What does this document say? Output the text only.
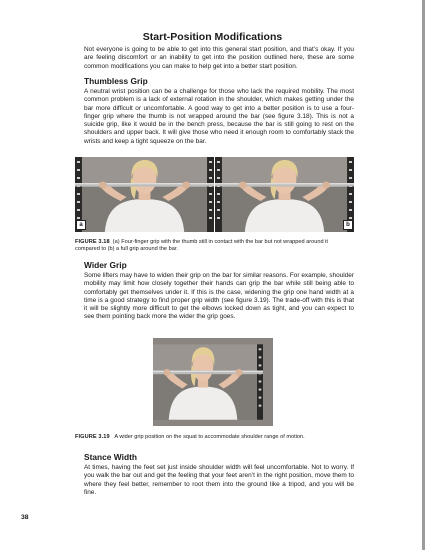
Start-Position Modifications

Not everyone is going to be able to get into this general start position, and that’s okay. If you are feeling discomfort or an inability to get into the position outlined here, these are some common modifications you can make to help get into a better start position.

Thumbless Grip

A neutral wrist position can be a challenge for those who lack the required mobility. The most common problem is a lack of external rotation in the shoulder, which makes getting under the bar more difficult or uncomfortable. A good way to get into a better position is to use a four-finger grip where the thumb is not wrapped around the bar (see figure 3.18). This is not a suicide grip, like it would be in the bench press, because the bar is still going to rest on the shoulders and upper back. It will give those who need it enough room to comfortably stack the wrists and keep a tight squeeze on the bar.

a	b

FIGURE 3.18 (a) Four-finger grip with the thumb still in contact with the bar but not wrapped around it compared to (b) a full grip around the bar.

Wider Grip

Some lifters may have to widen their grip on the bar for similar reasons. For example, shoulder mobility may limit how closely together their hands can grip the bar while still being able to comfortably get themselves under it. If this is the case, widening the grip one hand width at a time is a good strategy to find proper grip width (see figure 3.19). The trade-off with this is that it will be slightly more difficult to get the elbows locked down as tight, and you can expect to see them pointing back more the wider the grip goes.

FIGURE 3.19 A wider grip position on the squat to accommodate shoulder range of motion.

Stance Width

At times, having the feet set just inside shoulder width will feel uncomfortable. Not to worry. If you walk the bar out and get the feeling that your feet aren’t in the right position, move them to where they feel better, remember to root them into the ground like a tripod, and you will be fine.

38
